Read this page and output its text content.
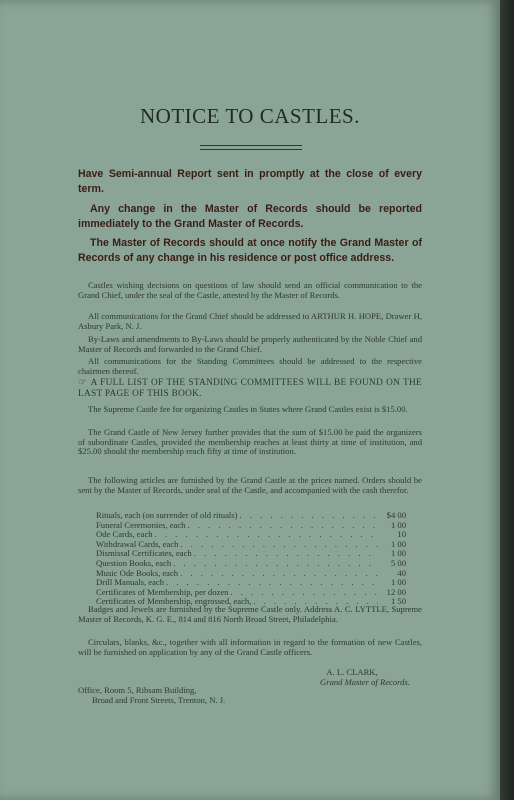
NOTICE TO CASTLES.
Have Semi-annual Report sent in promptly at the close of every term.
Any change in the Master of Records should be reported immediately to the Grand Master of Records.
The Master of Records should at once notify the Grand Master of Records of any change in his residence or post office address.
Castles wishing decisions on questions of law should send an official communication to the Grand Chief, under the seal of the Castle, attested by the Master of Records.
All communications for the Grand Chief should be addressed to ARTHUR H. HOPE, Drawer H, Asbury Park, N. J.
By-Laws and amendments to By-Laws should be properly authenticated by the Noble Chief and Master of Records and forwarded to the Grand Chief.
All communications for the Standing Committees should be addressed to the respective chairmen thereof.
☞ A FULL LIST OF THE STANDING COMMITTEES WILL BE FOUND ON THE LAST PAGE OF THIS BOOK.
The Supreme Castle fee for organizing Castles in States where Grand Castles exist is $15.00.
The Grand Castle of New Jersey further provides that the sum of $15.00 be paid the organizers of subordinate Castles, provided the membership reaches at least thirty at time of institution, and $25.00 should the membership reach fifty at time of institution.
The following articles are furnished by the Grand Castle at the prices named. Orders should be sent by the Master of Records, under seal of the Castle, and accompanied with the cash therefor.
Rituals, each (on surrender of old rituals) . . .	$4 00
Funeral Ceremonies, each . . .	1 00
Ode Cards, each . . .	10
Withdrawal Cards, each . . .	1 00
Dismissal Certificates, each . . .	1 00
Question Books, each . . .	5 00
Music Ode Books, each . . .	40
Drill Manuals, each . . .	1 00
Certificates of Membership, per dozen . . .	12 00
Certificates of Membership, engrossed, each, . . .	1 50
Badges and Jewels are furnished by the Supreme Castle only. Address A. C. LYTTLE, Supreme Master of Records, K. G. E., 814 and 816 North Broad Street, Philadelphia.
Circulars, blanks, &c., together with all information in regard to the formation of new Castles, will be furnished on application by any of the Grand Castle officers.
A. L. CLARK,
Grand Master of Records.
Office, Room 5, Ribsam Building,
Broad and Front Streets, Trenton, N. J.
